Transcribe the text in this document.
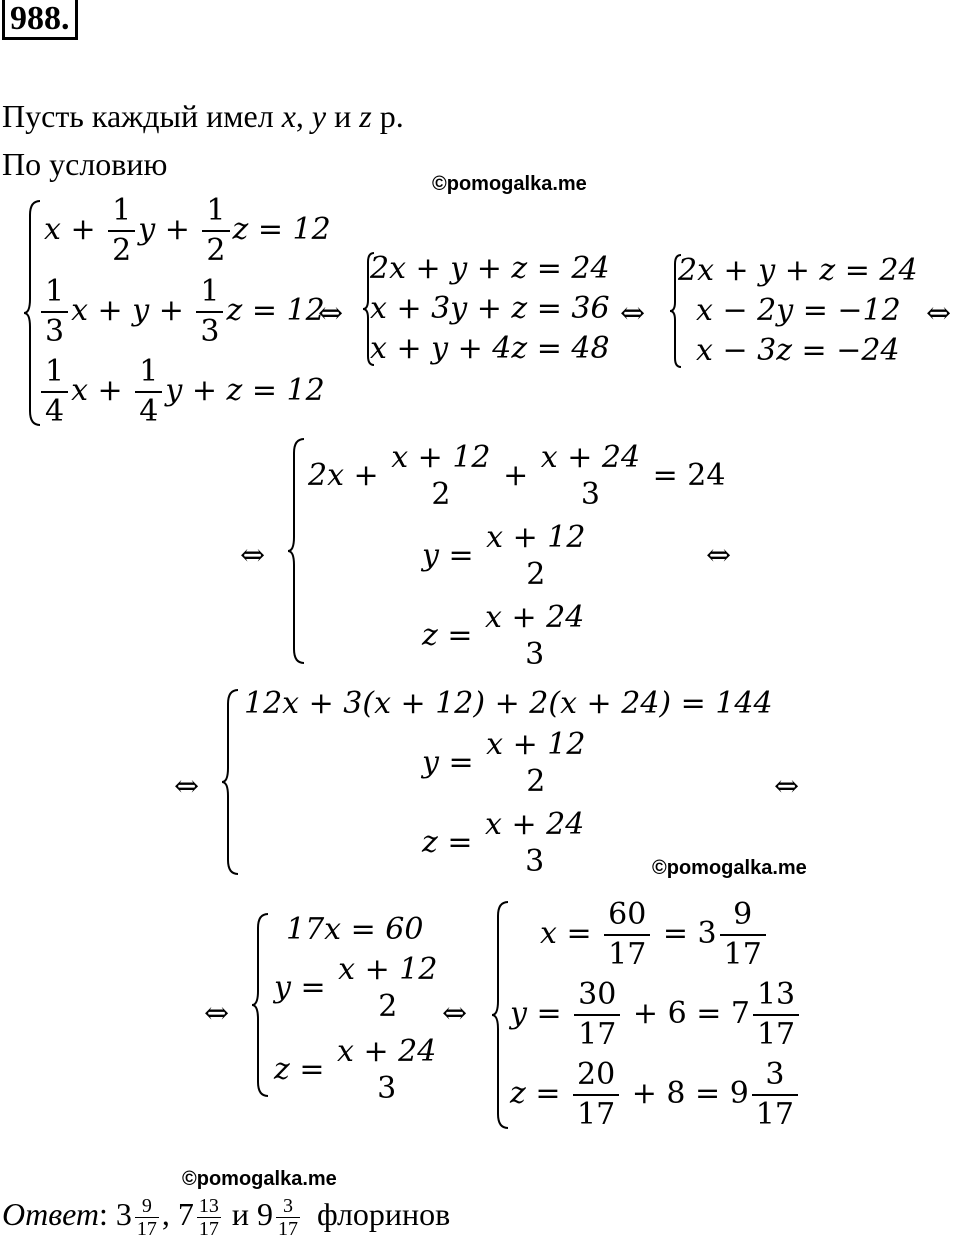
988.
Пусть каждый имел x, y и z р.
По условию
©pomogalka.me
©pomogalka.me
©pomogalka.me
$x + \frac{1}{2}$ $y + \frac{1}{2}$ z = 12
$\frac{1}{3}$ $x + y + \frac{1}{3}$ z = 12
$\frac{1}{4}$ $x + \frac{1}{4}$ y + z = 12
⇔
2x + y + z = 24
x + 3y + z = 36
x + y + 4z = 48
⇔
2x + y + z = 24
x − 2y = −12
x − 3z = −24
⇔
⇔
2x +
x + 12
2
+
x + 24
3
= 24
y =
x + 12
2
z =
x + 24
3
⇔
⇔
12x + 3(x + 12) + 2(x + 24) = 144
y =
x + 12
2
z =
x + 24
3
⇔
⇔
17x = 60
y =
x + 12
2
z =
x + 24
3
⇔
$x = \frac{60}{17} = 3 \frac{9}{17}$
$y = \frac{30}{17} + 6 = 7 \frac{13}{17}$
$z = \frac{20}{17} + 8 = 9 \frac{3}{17}$
Ответ: $3 \frac{9}{17}$ , $7 \frac{13}{17}$ и $9 \frac{3}{17}$ флоринов
